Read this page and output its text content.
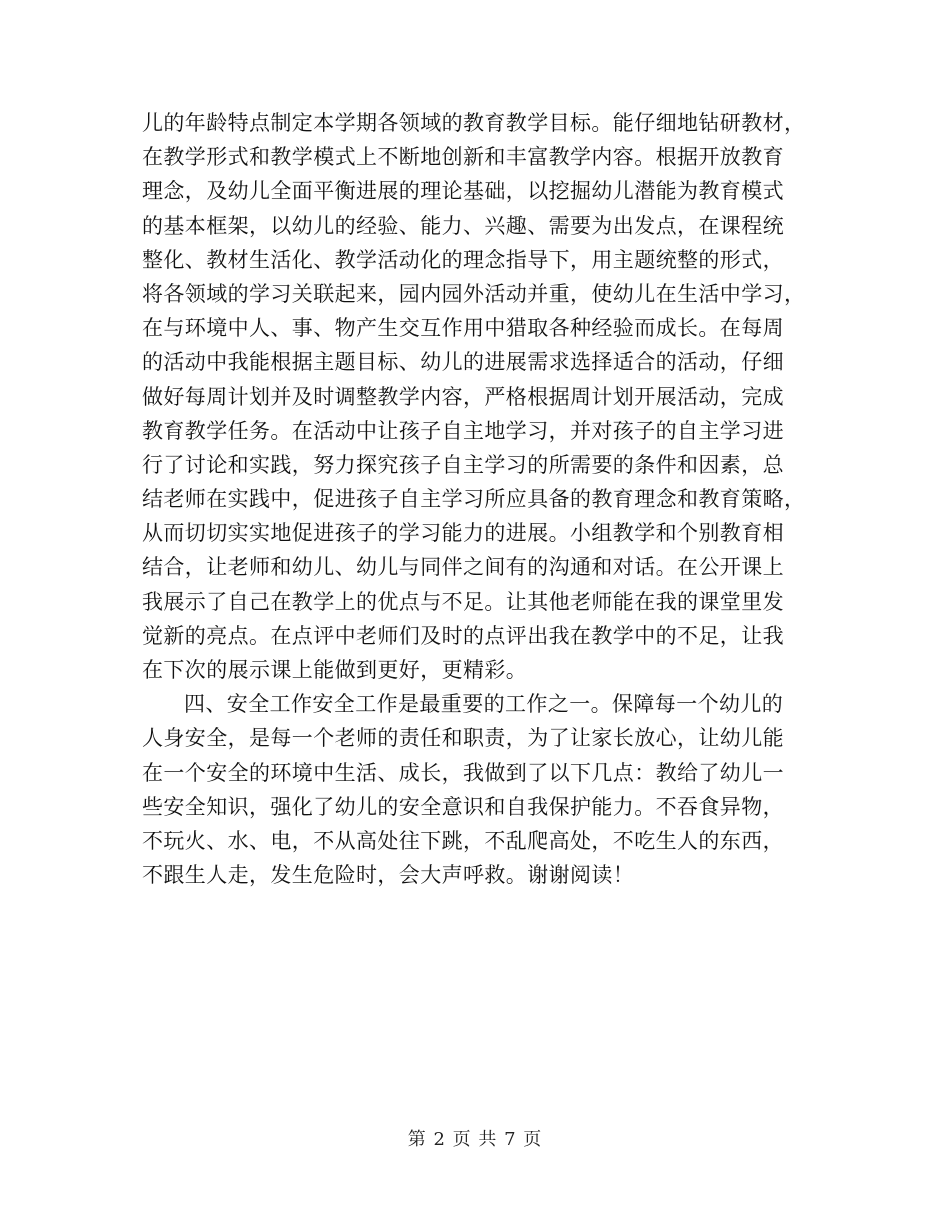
儿的年龄特点制定本学期各领域的教育教学目标。能仔细地钻研教材，

在教学形式和教学模式上不断地创新和丰富教学内容。根据开放教育

理念，及幼儿全面平衡进展的理论基础，以挖掘幼儿潜能为教育模式

的基本框架，以幼儿的经验、能力、兴趣、需要为出发点，在课程统

整化、教材生活化、教学活动化的理念指导下，用主题统整的形式，

将各领域的学习关联起来，园内园外活动并重，使幼儿在生活中学习，

在与环境中人、事、物产生交互作用中猎取各种经验而成长。在每周

的活动中我能根据主题目标、幼儿的进展需求选择适合的活动，仔细

做好每周计划并及时调整教学内容，严格根据周计划开展活动，完成

教育教学任务。在活动中让孩子自主地学习，并对孩子的自主学习进

行了讨论和实践，努力探究孩子自主学习的所需要的条件和因素，总

结老师在实践中，促进孩子自主学习所应具备的教育理念和教育策略，

从而切切实实地促进孩子的学习能力的进展。小组教学和个别教育相

结合，让老师和幼儿、幼儿与同伴之间有的沟通和对话。在公开课上

我展示了自己在教学上的优点与不足。让其他老师能在我的课堂里发

觉新的亮点。在点评中老师们及时的点评出我在教学中的不足，让我

在下次的展示课上能做到更好，更精彩。

四、安全工作安全工作是最重要的工作之一。保障每一个幼儿的

人身安全，是每一个老师的责任和职责，为了让家长放心，让幼儿能

在一个安全的环境中生活、成长，我做到了以下几点：教给了幼儿一

些安全知识，强化了幼儿的安全意识和自我保护能力。不吞食异物，

不玩火、水、电，不从高处往下跳，不乱爬高处，不吃生人的东西，

不跟生人走，发生危险时，会大声呼救。谢谢阅读！

第 2 页 共 7 页
